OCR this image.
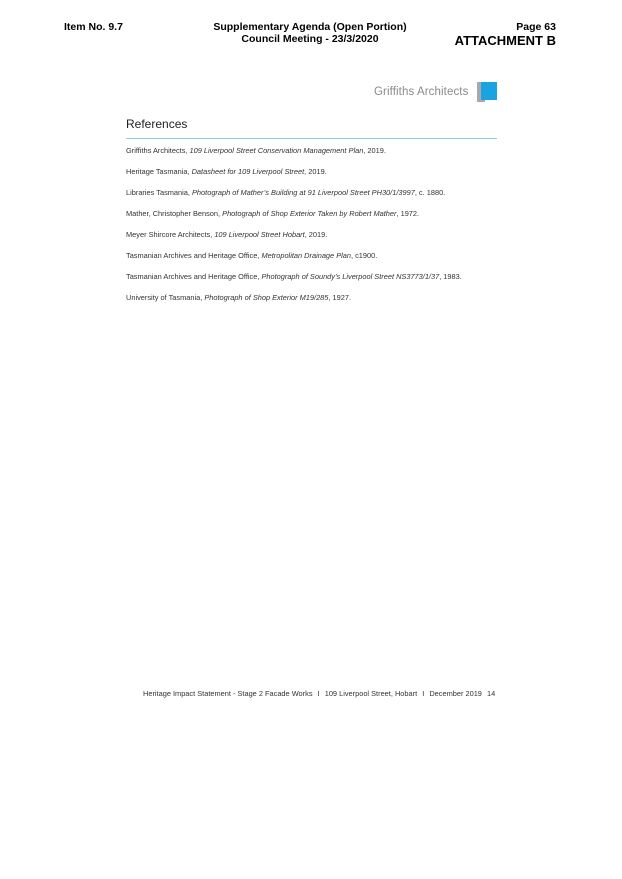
Item No. 9.7	Supplementary Agenda (Open Portion)
Council Meeting - 23/3/2020
Page 63
ATTACHMENT B
Griffiths Architects
References
Griffiths Architects, 109 Liverpool Street Conservation Management Plan, 2019.
Heritage Tasmania, Datasheet for 109 Liverpool Street, 2019.
Libraries Tasmania, Photograph of Mather’s Building at 91 Liverpool Street PH30/1/3997, c. 1880.
Mather, Christopher Benson, Photograph of Shop Exterior Taken by Robert Mather, 1972.
Meyer Shircore Architects, 109 Liverpool Street Hobart, 2019.
Tasmanian Archives and Heritage Office, Metropolitan Drainage Plan, c1900.
Tasmanian Archives and Heritage Office, Photograph of Soundy’s Liverpool Street NS3773/1/37, 1983.
University of Tasmania, Photograph of Shop Exterior M19/285, 1927.
Heritage Impact Statement - Stage 2 Facade Works I 109 Liverpool Street, Hobart I December 2019 14
